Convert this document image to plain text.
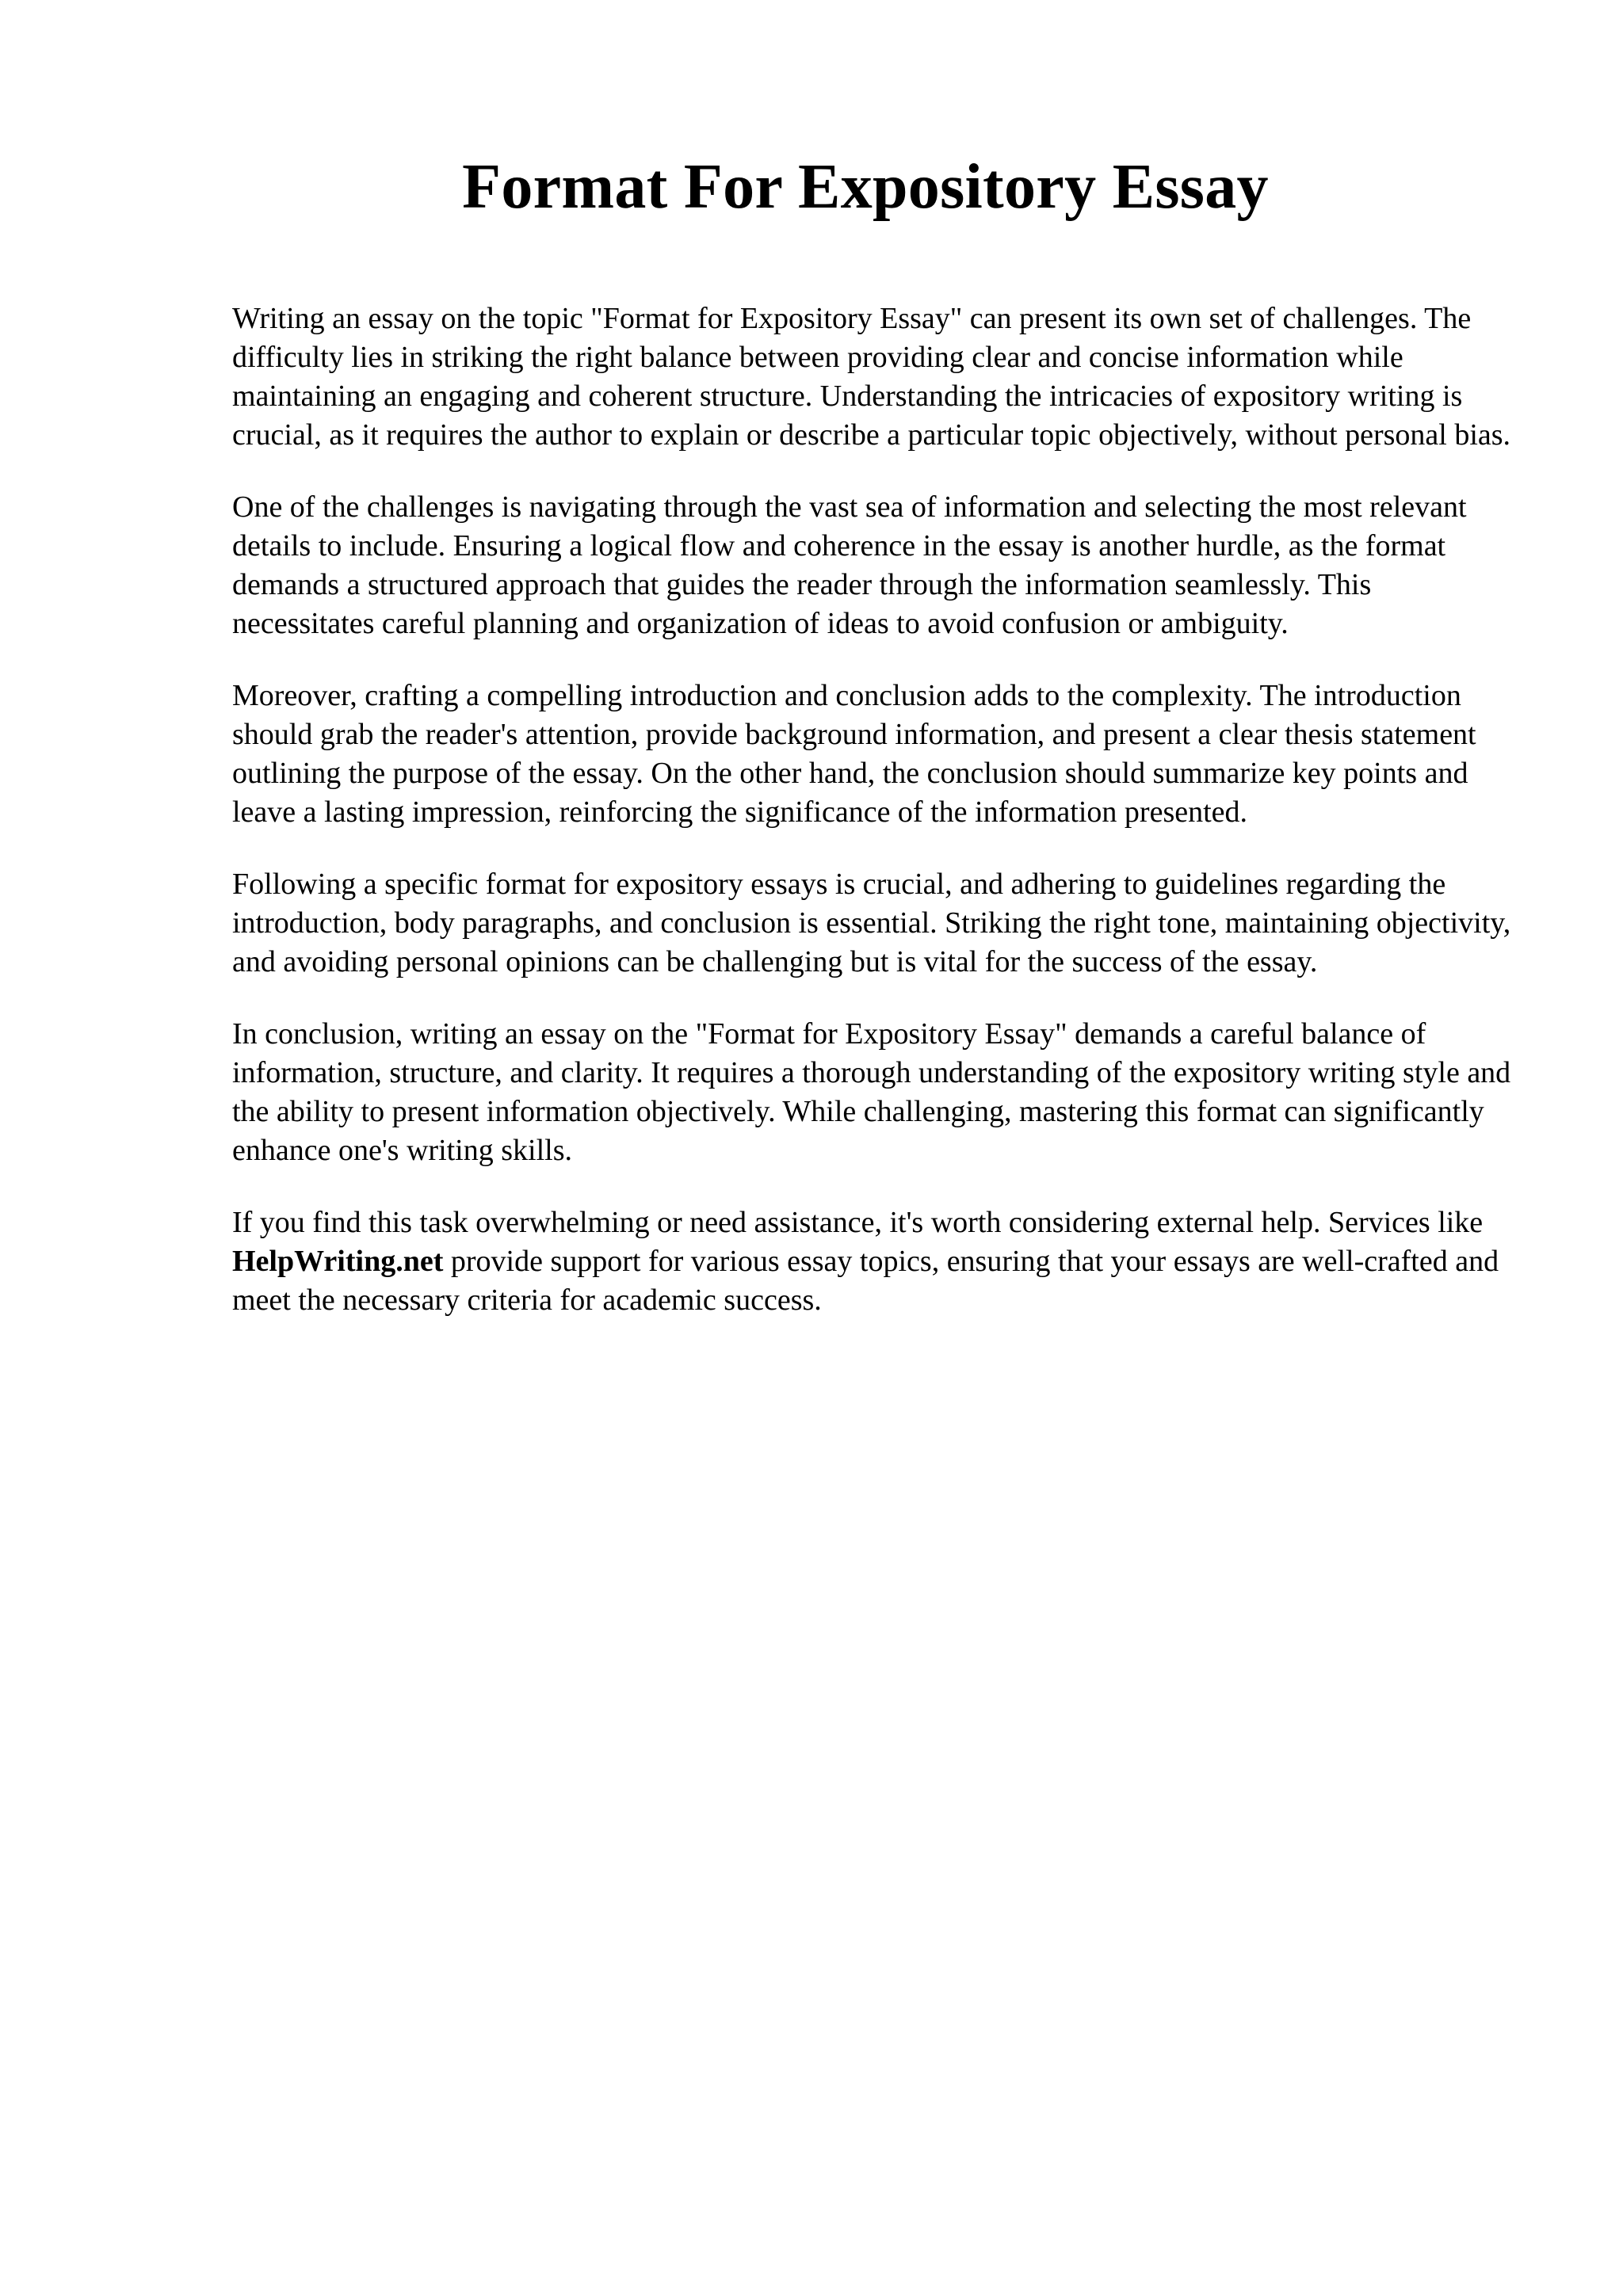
Format For Expository Essay

Writing an essay on the topic "Format for Expository Essay" can present its own set of challenges. The difficulty lies in striking the right balance between providing clear and concise information while maintaining an engaging and coherent structure. Understanding the intricacies of expository writing is crucial, as it requires the author to explain or describe a particular topic objectively, without personal bias.

One of the challenges is navigating through the vast sea of information and selecting the most relevant details to include. Ensuring a logical flow and coherence in the essay is another hurdle, as the format demands a structured approach that guides the reader through the information seamlessly. This necessitates careful planning and organization of ideas to avoid confusion or ambiguity.

Moreover, crafting a compelling introduction and conclusion adds to the complexity. The introduction should grab the reader's attention, provide background information, and present a clear thesis statement outlining the purpose of the essay. On the other hand, the conclusion should summarize key points and leave a lasting impression, reinforcing the significance of the information presented.

Following a specific format for expository essays is crucial, and adhering to guidelines regarding the introduction, body paragraphs, and conclusion is essential. Striking the right tone, maintaining objectivity, and avoiding personal opinions can be challenging but is vital for the success of the essay.

In conclusion, writing an essay on the "Format for Expository Essay" demands a careful balance of information, structure, and clarity. It requires a thorough understanding of the expository writing style and the ability to present information objectively. While challenging, mastering this format can significantly enhance one's writing skills.

If you find this task overwhelming or need assistance, it's worth considering external help. Services like HelpWriting.net provide support for various essay topics, ensuring that your essays are well-crafted and meet the necessary criteria for academic success.
